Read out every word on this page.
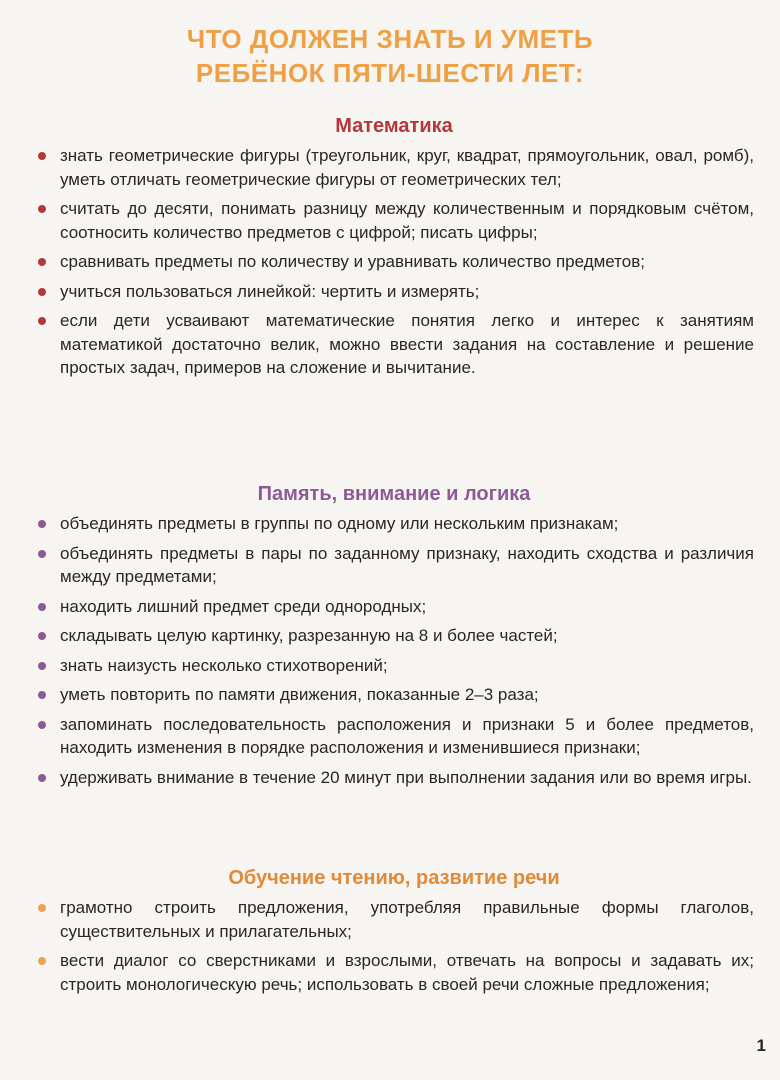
ЧТО ДОЛЖЕН ЗНАТЬ И УМЕТЬ
РЕБЁНОК ПЯТИ-ШЕСТИ ЛЕТ:
Математика
знать геометрические фигуры (треугольник, круг, квадрат, прямоугольник, овал, ромб), уметь отличать геометрические фигуры от геометрических тел;
считать до десяти, понимать разницу между количественным и порядковым счётом, соотносить количество предметов с цифрой; писать цифры;
сравнивать предметы по количеству и уравнивать количество предметов;
учиться пользоваться линейкой: чертить и измерять;
если дети усваивают математические понятия легко и интерес к занятиям математикой достаточно велик, можно ввести задания на составление и решение простых задач, примеров на сложение и вычитание.
Память, внимание и логика
объединять предметы в группы по одному или нескольким признакам;
объединять предметы в пары по заданному признаку, находить сходства и различия между предметами;
находить лишний предмет среди однородных;
складывать целую картинку, разрезанную на 8 и более частей;
знать наизусть несколько стихотворений;
уметь повторить по памяти движения, показанные 2–3 раза;
запоминать последовательность расположения и признаки 5 и более предметов, находить изменения в порядке расположения и изменившиеся признаки;
удерживать внимание в течение 20 минут при выполнении задания или во время игры.
Обучение чтению, развитие речи
грамотно строить предложения, употребляя правильные формы глаголов, существительных и прилагательных;
вести диалог со сверстниками и взрослыми, отвечать на вопросы и задавать их; строить монологическую речь; использовать в своей речи сложные предложения;
1
